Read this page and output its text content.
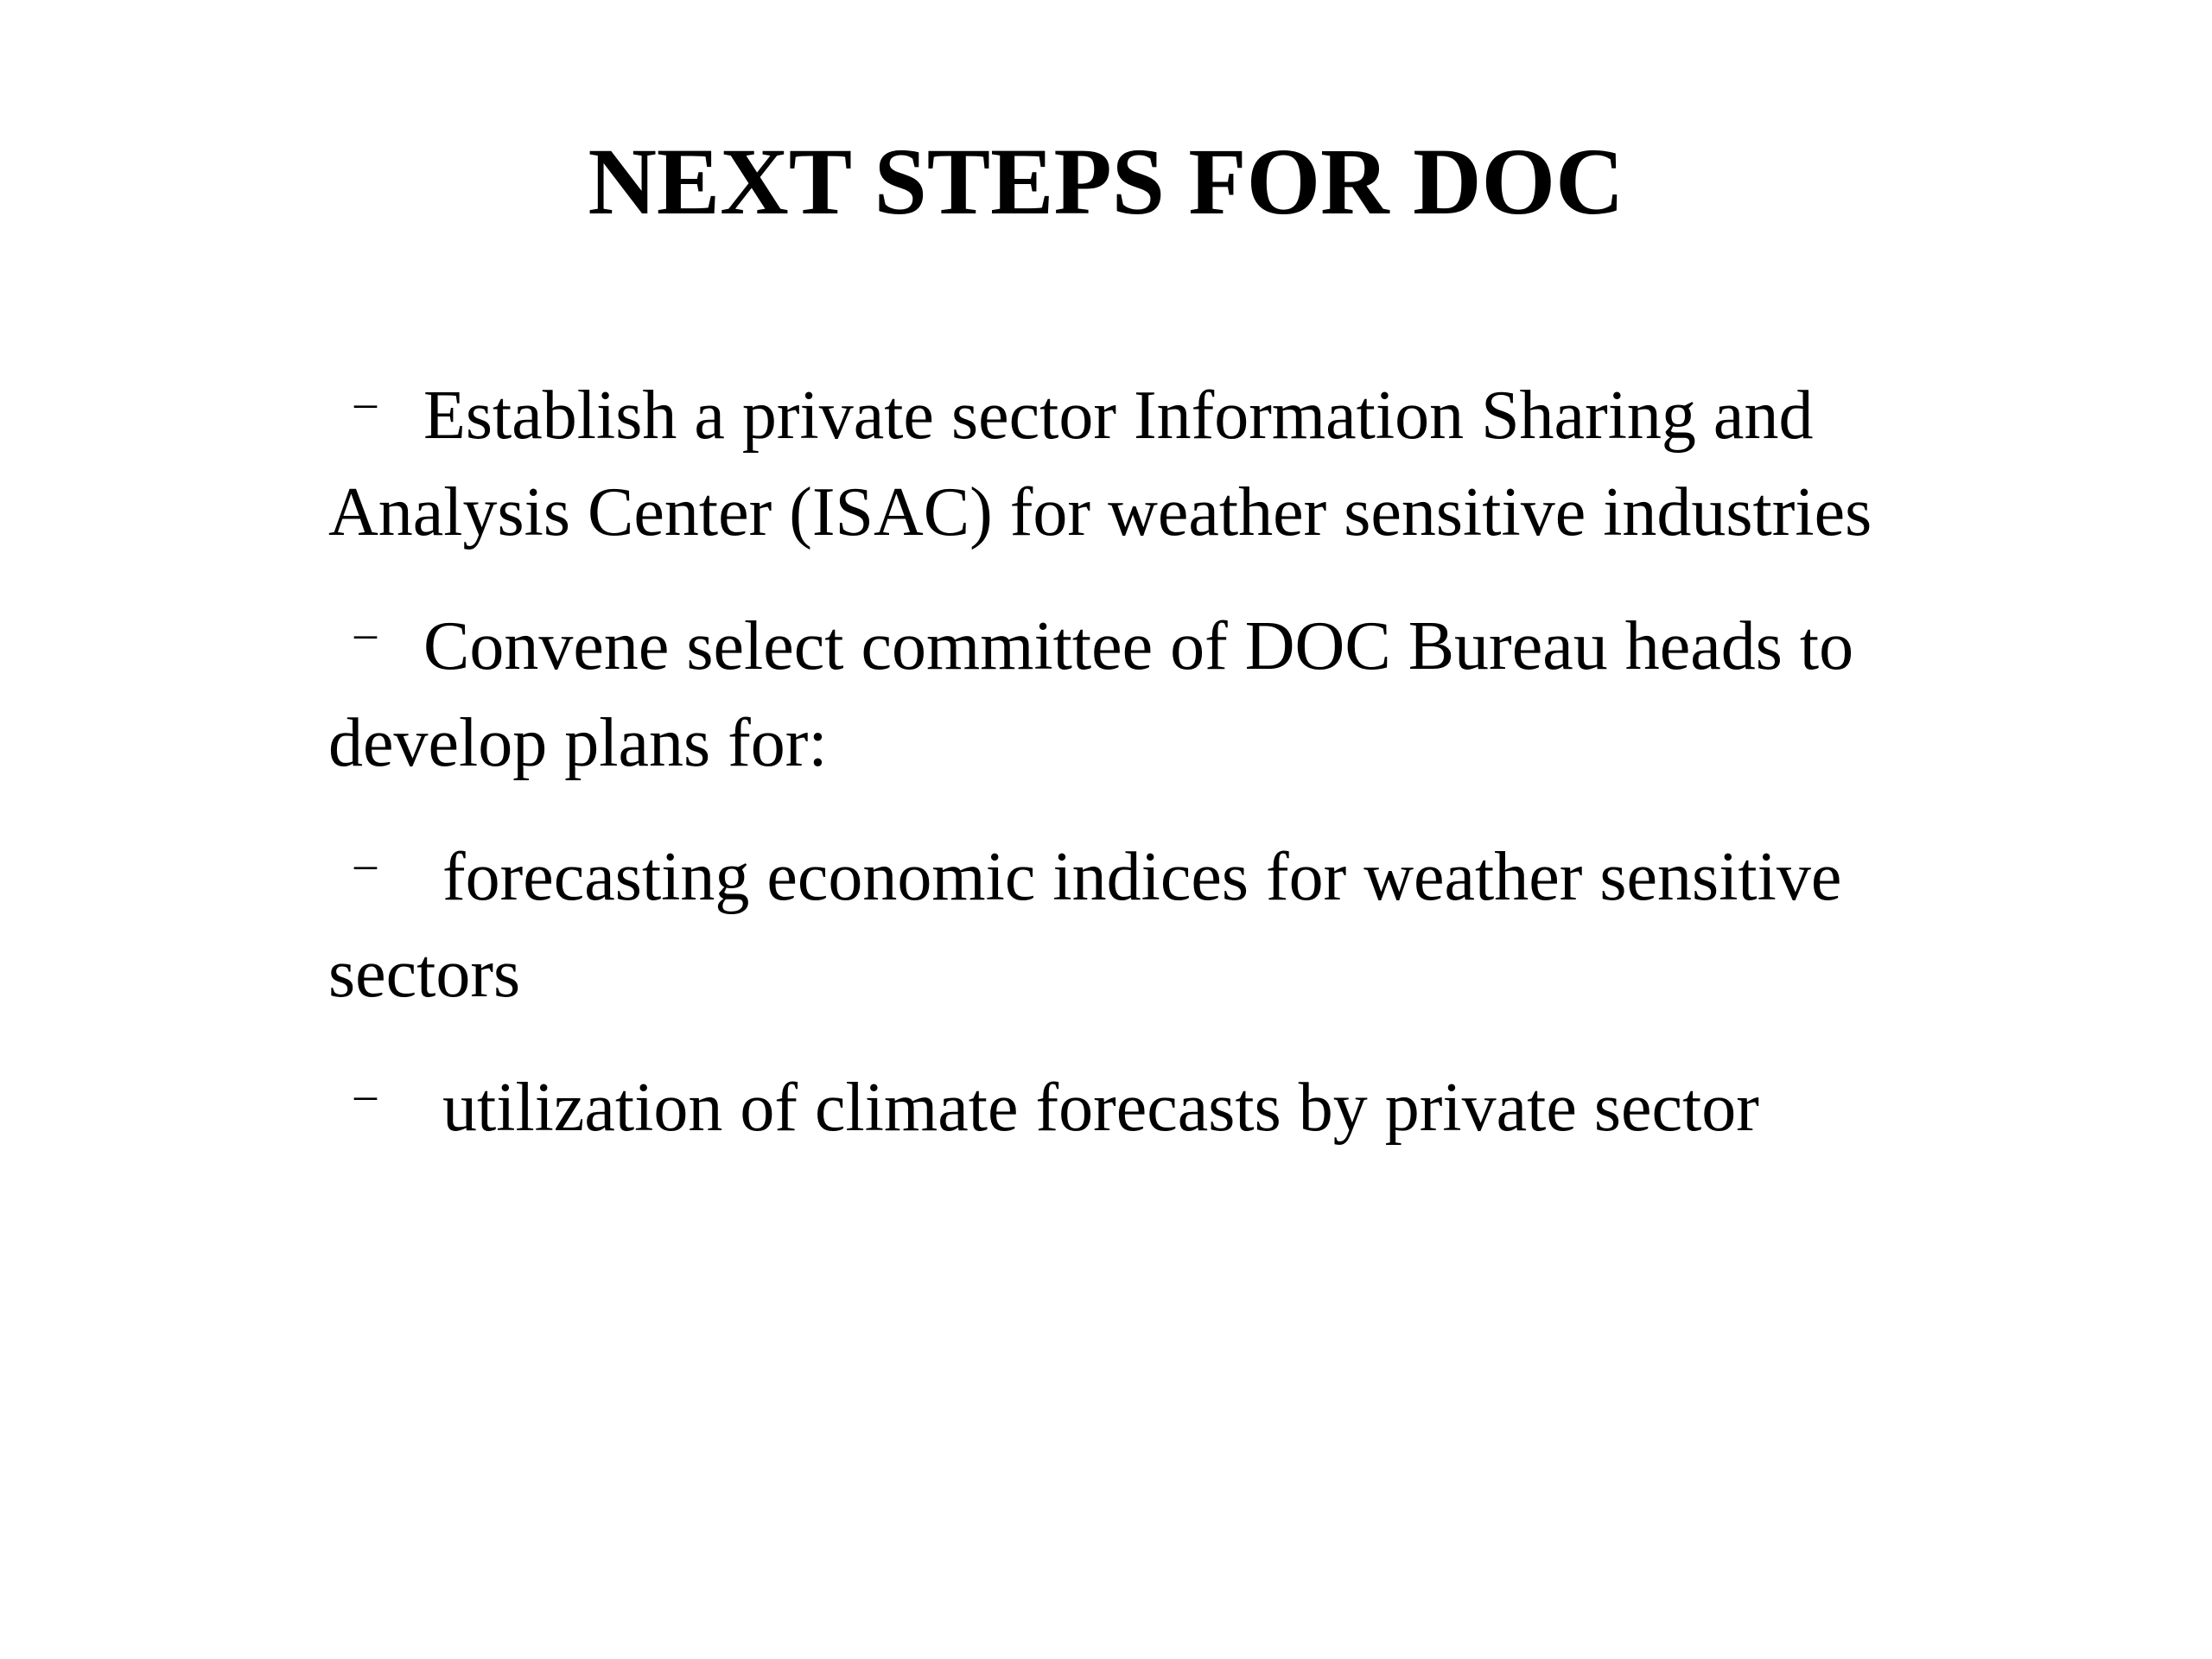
NEXT STEPS FOR DOC
– Establish a private sector Information Sharing and Analysis Center (ISAC) for weather sensitive industries
– Convene select committee of DOC Bureau heads to develop plans for:
– forecasting economic indices for weather sensitive sectors
– utilization of climate forecasts by private sector
